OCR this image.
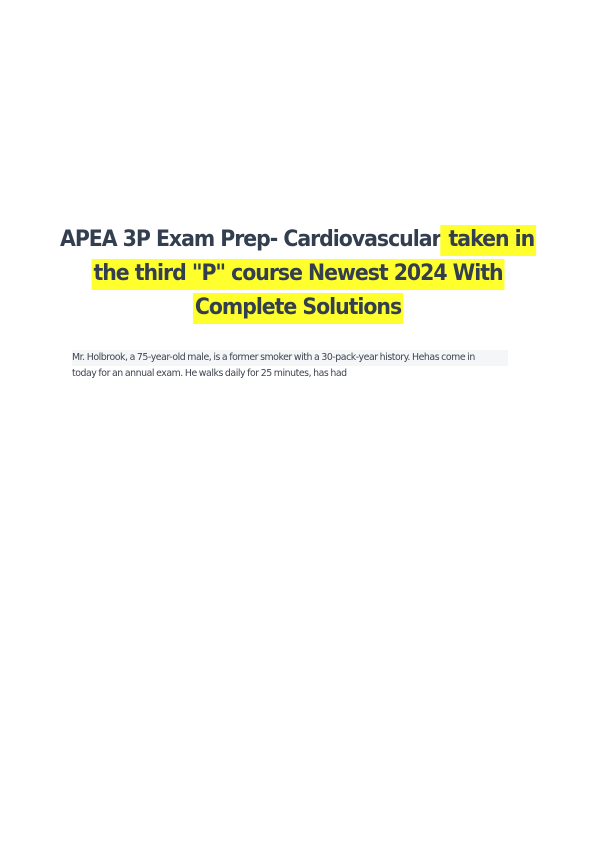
APEA 3P Exam Prep- Cardiovascular taken in
the third "P" course Newest 2024 With
Complete Solutions
Mr. Holbrook, a 75-year-old male, is a former smoker with a 30-pack-year history. Hehas come in
today for an annual exam. He walks daily for 25 minutes, has had
